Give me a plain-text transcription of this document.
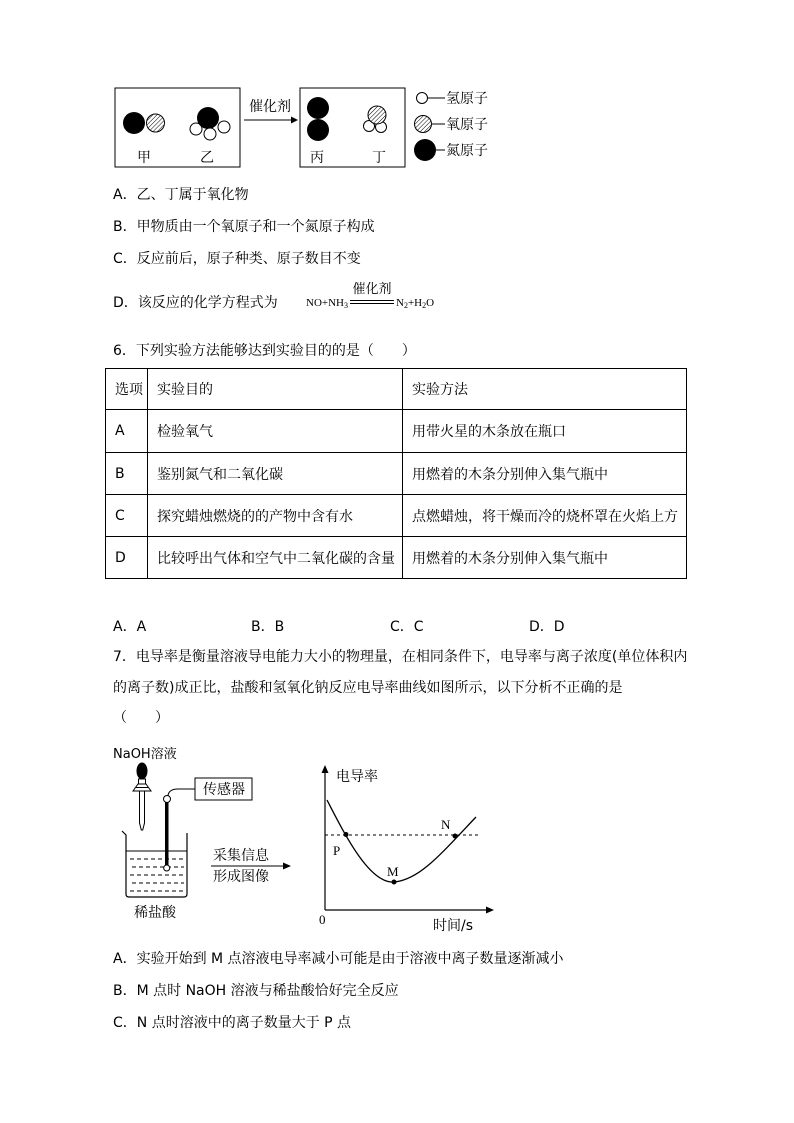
甲	乙
催化剂
丙	丁
氢原子
氧原子
氮原子
A．乙、丁属于氧化物
B．甲物质由一个氧原子和一个氮原子构成
C．反应前后，原子种类、原子数目不变
D．该反应的化学方程式为	$NO+NH_3$
催化剂
$N_2+H_2O$
6．下列实验方法能够达到实验目的的是（　　）
选项	实验目的	实验方法
A	检验氧气	用带火星的木条放在瓶口
B	鉴别氮气和二氧化碳	用燃着的木条分别伸入集气瓶中
C	探究蜡烛燃烧的的产物中含有水	点燃蜡烛，将干燥而冷的烧杯罩在火焰上方
D	比较呼出气体和空气中二氧化碳的含量	用燃着的木条分别伸入集气瓶中
A．A	B．B	C．C	D．D
7．电导率是衡量溶液导电能力大小的物理量，在相同条件下，电导率与离子浓度(单位体积内
的离子数)成正比，盐酸和氢氧化钠反应电导率曲线如图所示，以下分析不正确的是
（　　）
NaOH溶液
稀盐酸
传感器
采集信息
形成图像
电导率
0	时间/s
P
M
N
A．实验开始到 M 点溶液电导率减小可能是由于溶液中离子数量逐渐减小
B．M 点时 NaOH 溶液与稀盐酸恰好完全反应
C．N 点时溶液中的离子数量大于 P 点
